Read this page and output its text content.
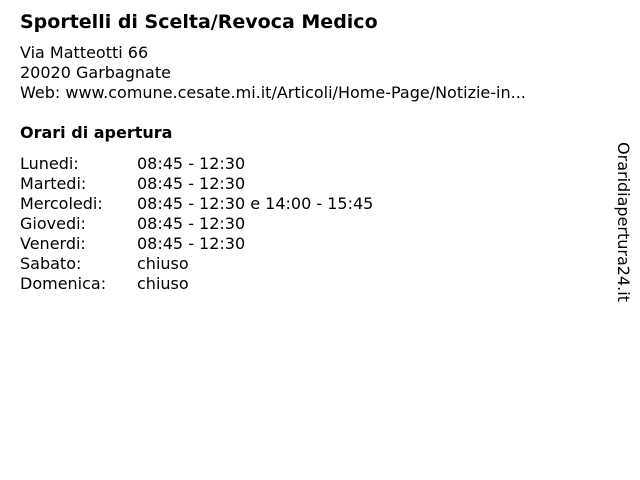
Sportelli di Scelta/Revoca Medico
Via Matteotti 66
20020 Garbagnate
Web: www.comune.cesate.mi.it/Articoli/Home-Page/Notizie-in...
Orari di apertura
Lunedi:	08:45 - 12:30
Martedi:	08:45 - 12:30
Mercoledi: 08:45 - 12:30 e 14:00 - 15:45
Giovedi:	08:45 - 12:30
Venerdi:	08:45 - 12:30
Sabato:	chiuso
Domenica: chiuso	Oraridiapertura24.it
